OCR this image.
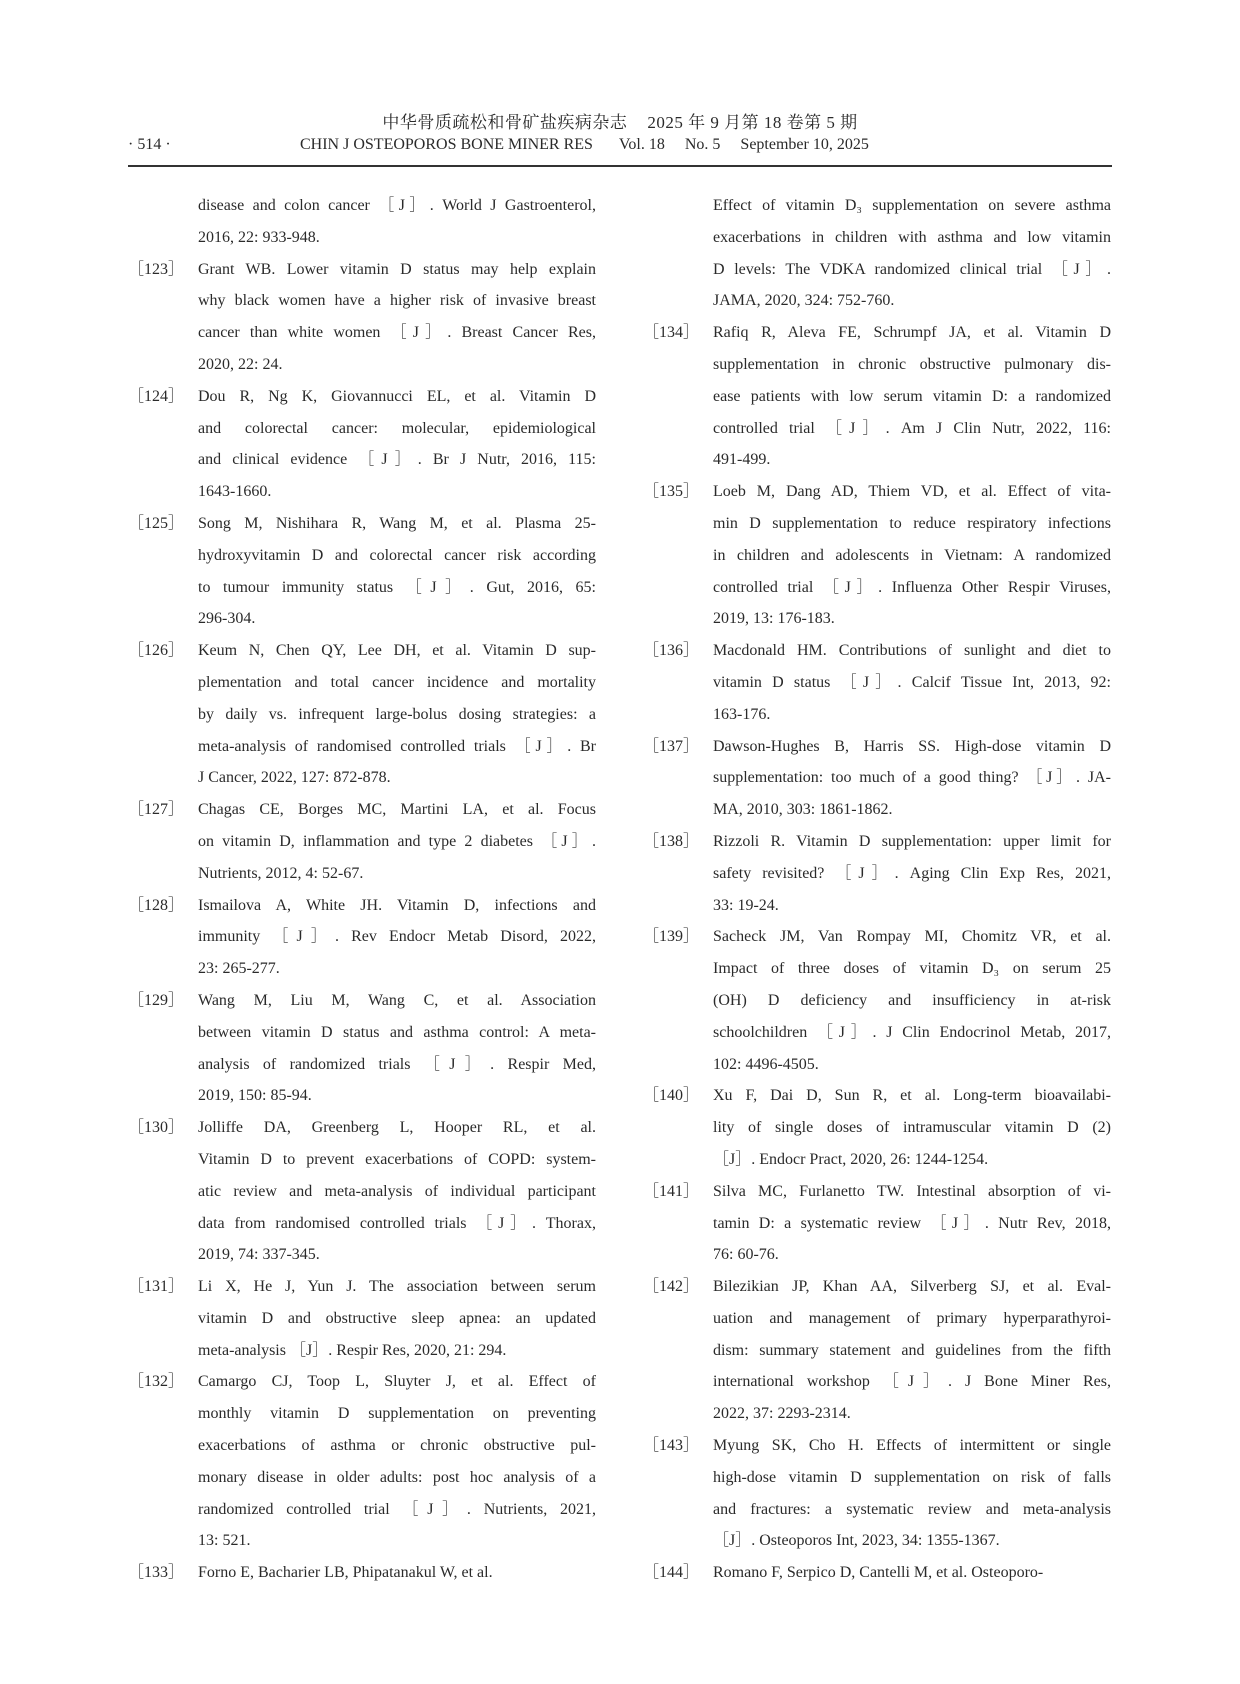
中华骨质疏松和骨矿盐疾病杂志 2025 年 9 月第 18 卷第 5 期
· 514 ·	CHIN J OSTEOPOROS BONE MINER RES Vol. 18 No. 5 September 10, 2025
disease and colon cancer ［J］. World J Gastroenterol,
2016, 22: 933-948.
［123］ Grant WB. Lower vitamin D status may help explain
why black women have a higher risk of invasive breast
cancer than white women ［J］. Breast Cancer Res,
2020, 22: 24.
［124］ Dou R, Ng K, Giovannucci EL, et al. Vitamin D
and colorectal cancer: molecular, epidemiological
and clinical evidence ［J］. Br J Nutr, 2016, 115:
1643-1660.
［125］ Song M, Nishihara R, Wang M, et al. Plasma 25-
hydroxyvitamin D and colorectal cancer risk according
to tumour immunity status ［J］. Gut, 2016, 65:
296-304.
［126］ Keum N, Chen QY, Lee DH, et al. Vitamin D sup-
plementation and total cancer incidence and mortality
by daily vs. infrequent large-bolus dosing strategies: a
meta-analysis of randomised controlled trials ［J］. Br
J Cancer, 2022, 127: 872-878.
［127］ Chagas CE, Borges MC, Martini LA, et al. Focus
on vitamin D, inflammation and type 2 diabetes ［J］.
Nutrients, 2012, 4: 52-67.
［128］ Ismailova A, White JH. Vitamin D, infections and
immunity ［J］. Rev Endocr Metab Disord, 2022,
23: 265-277.
［129］ Wang M, Liu M, Wang C, et al. Association
between vitamin D status and asthma control: A meta-
analysis of randomized trials ［J］. Respir Med,
2019, 150: 85-94.
［130］ Jolliffe DA, Greenberg L, Hooper RL, et al.
Vitamin D to prevent exacerbations of COPD: system-
atic review and meta-analysis of individual participant
data from randomised controlled trials ［J］. Thorax,
2019, 74: 337-345.
［131］ Li X, He J, Yun J. The association between serum
vitamin D and obstructive sleep apnea: an updated
meta-analysis ［J］. Respir Res, 2020, 21: 294.
［132］ Camargo CJ, Toop L, Sluyter J, et al. Effect of
monthly vitamin D supplementation on preventing
exacerbations of asthma or chronic obstructive pul-
monary disease in older adults: post hoc analysis of a
randomized controlled trial ［J］. Nutrients, 2021,
13: 521.
［133］ Forno E, Bacharier LB, Phipatanakul W, et al.
Effect of vitamin D₃ supplementation on severe asthma
exacerbations in children with asthma and low vitamin
D levels: The VDKA randomized clinical trial ［J］.
JAMA, 2020, 324: 752-760.
［134］ Rafiq R, Aleva FE, Schrumpf JA, et al. Vitamin D
supplementation in chronic obstructive pulmonary dis-
ease patients with low serum vitamin D: a randomized
controlled trial ［J］. Am J Clin Nutr, 2022, 116:
491-499.
［135］ Loeb M, Dang AD, Thiem VD, et al. Effect of vita-
min D supplementation to reduce respiratory infections
in children and adolescents in Vietnam: A randomized
controlled trial ［J］. Influenza Other Respir Viruses,
2019, 13: 176-183.
［136］ Macdonald HM. Contributions of sunlight and diet to
vitamin D status ［J］. Calcif Tissue Int, 2013, 92:
163-176.
［137］ Dawson-Hughes B, Harris SS. High-dose vitamin D
supplementation: too much of a good thing? ［J］. JA-
MA, 2010, 303: 1861-1862.
［138］ Rizzoli R. Vitamin D supplementation: upper limit for
safety revisited? ［J］. Aging Clin Exp Res, 2021,
33: 19-24.
［139］ Sacheck JM, Van Rompay MI, Chomitz VR, et al.
Impact of three doses of vitamin D₃ on serum 25
(OH) D deficiency and insufficiency in at-risk
schoolchildren ［J］. J Clin Endocrinol Metab, 2017,
102: 4496-4505.
［140］ Xu F, Dai D, Sun R, et al. Long-term bioavailabi-
lity of single doses of intramuscular vitamin D (2)
［J］. Endocr Pract, 2020, 26: 1244-1254.
［141］ Silva MC, Furlanetto TW. Intestinal absorption of vi-
tamin D: a systematic review ［J］. Nutr Rev, 2018,
76: 60-76.
［142］ Bilezikian JP, Khan AA, Silverberg SJ, et al. Eval-
uation and management of primary hyperparathyroi-
dism: summary statement and guidelines from the fifth
international workshop ［J］. J Bone Miner Res,
2022, 37: 2293-2314.
［143］ Myung SK, Cho H. Effects of intermittent or single
high-dose vitamin D supplementation on risk of falls
and fractures: a systematic review and meta-analysis
［J］. Osteoporos Int, 2023, 34: 1355-1367.
［144］ Romano F, Serpico D, Cantelli M, et al. Osteoporo-
